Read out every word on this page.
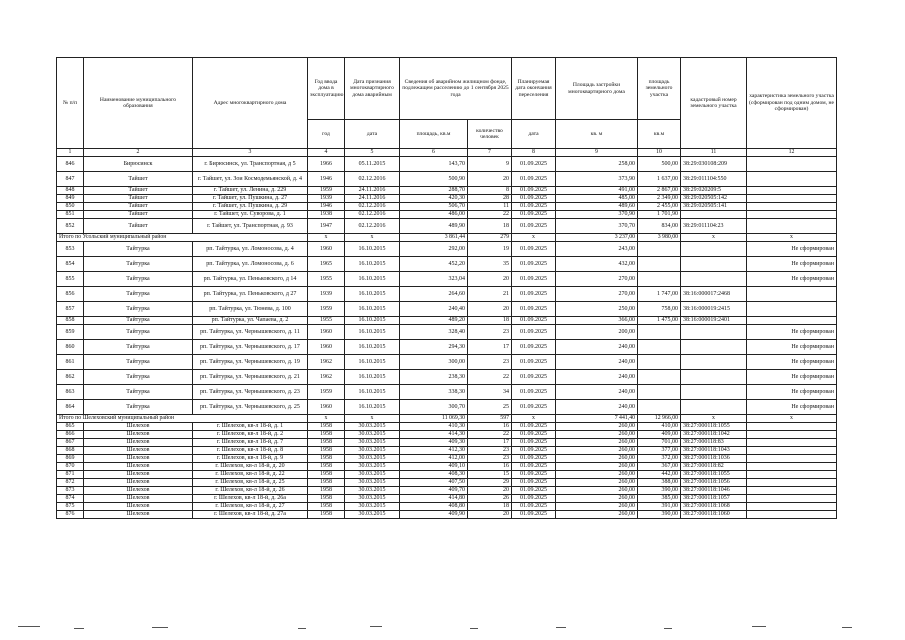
№ п/п	Наименование муниципального образования	Адрес многоквартирного дома	Год ввода дома в эксплуатацию	Дата признания многоквартирного дома аварийным	Сведения об аварийном жилищном фонде, подлежащем расселению до 1 сентября 2025 года		Планируемая дата окончания переселения	Площадь застройки многоквартирного дома	площадь земельного участка	кадастровый номер земельного участка	характеристика земельного участка (сформирован под одним домом, не сформирован)
			год	дата	площадь, кв.м	количество человек	дата	кв. м	кв.м		
1	2	3	4	5	6	7	8	9	10	11	12
846	Бирюсинск	г. Бирюсинск, ул. Транспортная, д 5	1966	05.11.2015	143,70	9	01.09.2025	258,00	500,00	38:29:030108:209	
847	Тайшет	г. Тайшет, ул. Зои Космодемьянской, д. 4	1946	02.12.2016	500,90	20	01.09.2025	373,90	1 637,00	38:29:011104:550	
848	Тайшет	г. Тайшет, ул. Ленина, д. 229	1959	24.11.2016	288,70	8	01.09.2025	491,00	2 867,00	38:29:020209:5	
849	Тайшет	г. Тайшет, ул. Пушкина, д. 27	1939	24.11.2016	420,30	28	01.09.2025	485,00	2 349,00	38:29:020505:142	
850	Тайшет	г. Тайшет, ул. Пушкина, д. 29	1946	02.12.2016	506,70	11	01.09.2025	489,60	2 455,00	38:29:020505:141	
851	Тайшет	г. Тайшет, ул. Суворова, д. 1	1938	02.12.2016	486,00	22	01.09.2025	370,90	1 701,90		
852	Тайшет	г. Тайшет, ул. Транспортная, д. 93	1947	02.12.2016	489,90	18	01.09.2025	370,70	834,00	38:29:011104:23	
Итого по Усольский муниципальный район			x	x	3 861,44	279	x	3 237,00	3 980,00	x	x
853	Тайтурка	рп. Тайтурка, ул. Ломоносова, д. 4	1960	16.10.2015	292,00	19	01.09.2025	243,00			Не сформирован
854	Тайтурка	рп. Тайтурка, ул. Ломоносова, д. 6	1965	16.10.2015	452,20	35	01.09.2025	432,00			Не сформирован
855	Тайтурка	рп. Тайтурка, ул. Пеньковского, д 14	1955	16.10.2015	323,04	20	01.09.2025	270,00			Не сформирован
856	Тайтурка	рп. Тайтурка, ул. Пеньковского, д 27	1939	16.10.2015	264,60	21	01.09.2025	270,00	1 747,00	38:16:000017:2468	
857	Тайтурка	рп. Тайтурка, ул. Тюнева, д. 100	1959	16.10.2015	240,40	20	01.09.2025	250,00	758,00	38:16:000019:2415	
858	Тайтурка	рп. Тайтурка, ул. Чапаева, д. 2	1955	16.10.2015	489,20	18	01.09.2025	366,00	1 475,00	38:16:000019:2401	
859	Тайтурка	рп. Тайтурка, ул. Чернышевского, д. 11	1960	16.10.2015	328,40	23	01.09.2025	200,00			Не сформирован
860	Тайтурка	рп. Тайтурка, ул. Чернышевского, д. 17	1960	16.10.2015	294,30	17	01.09.2025	240,00			Не сформирован
861	Тайтурка	рп. Тайтурка, ул. Чернышевского, д. 19	1962	16.10.2015	300,00	23	01.09.2025	240,00			Не сформирован
862	Тайтурка	рп. Тайтурка, ул. Чернышевского, д. 21	1962	16.10.2015	238,30	22	01.09.2025	240,00			Не сформирован
863	Тайтурка	рп. Тайтурка, ул. Чернышевского, д. 23	1959	16.10.2015	338,30	34	01.09.2025	240,00			Не сформирован
864	Тайтурка	рп. Тайтурка, ул. Чернышевского, д. 25	1960	16.10.2015	300,70	25	01.09.2025	240,00			Не сформирован
Итого по Шелеховский муниципальный район			x	x	11 069,30	597	x	7 441,40	12 966,00	x	x
865	Шелехов	г. Шелехов, кв-л 18-й, д. 1	1958	30.03.2015	410,30	16	01.09.2025	260,00	410,00	38:27:000118:1055	
866	Шелехов	г. Шелехов, кв-л 18-й, д. 2	1958	30.03.2015	414,30	22	01.09.2025	260,00	409,00	38:27:000118:1042	
867	Шелехов	г. Шелехов, кв-л 18-й, д. 7	1958	30.03.2015	409,30	17	01.09.2025	260,00	701,00	38:27:000118:83	
868	Шелехов	г. Шелехов, кв-л 18-й, д. 8	1958	30.03.2015	412,30	23	01.09.2025	260,00	377,00	38:27:000118:1043	
869	Шелехов	г. Шелехов, кв-л 18-й, д. 9	1958	30.03.2015	412,00	23	01.09.2025	260,00	372,00	38:27:000118:1036	
870	Шелехов	г. Шелехов, кв-л 18-й, д. 20	1958	30.03.2015	409,10	16	01.09.2025	260,00	367,00	38:27:000118:82	
871	Шелехов	г. Шелехов, кв-л 18-й, д. 22	1958	30.03.2015	408,30	15	01.09.2025	260,00	442,00	38:27:000118:1055	
872	Шелехов	г. Шелехов, кв-л 18-й, д. 25	1958	30.03.2015	407,50	29	01.09.2025	260,00	388,00	38:27:000118:1056	
873	Шелехов	г. Шелехов, кв-л 18-й, д. 26	1958	30.03.2015	409,70	20	01.09.2025	260,00	390,00	38:27:000118:1046	
874	Шелехов	г. Шелехов, кв-л 18-й, д. 26а	1958	30.03.2015	414,80	26	01.09.2025	260,00	385,00	38:27:000118:1057	
875	Шелехов	г. Шелехов, кв-л 18-й, д. 27	1958	30.03.2015	408,80	18	01.09.2025	260,00	391,00	38:27:000118:1068	
876	Шелехов	г. Шелехов, кв-л 18-й, д. 27а	1958	30.03.2015	409,90	20	01.09.2025	260,00	390,00	38:27:000118:1060	
